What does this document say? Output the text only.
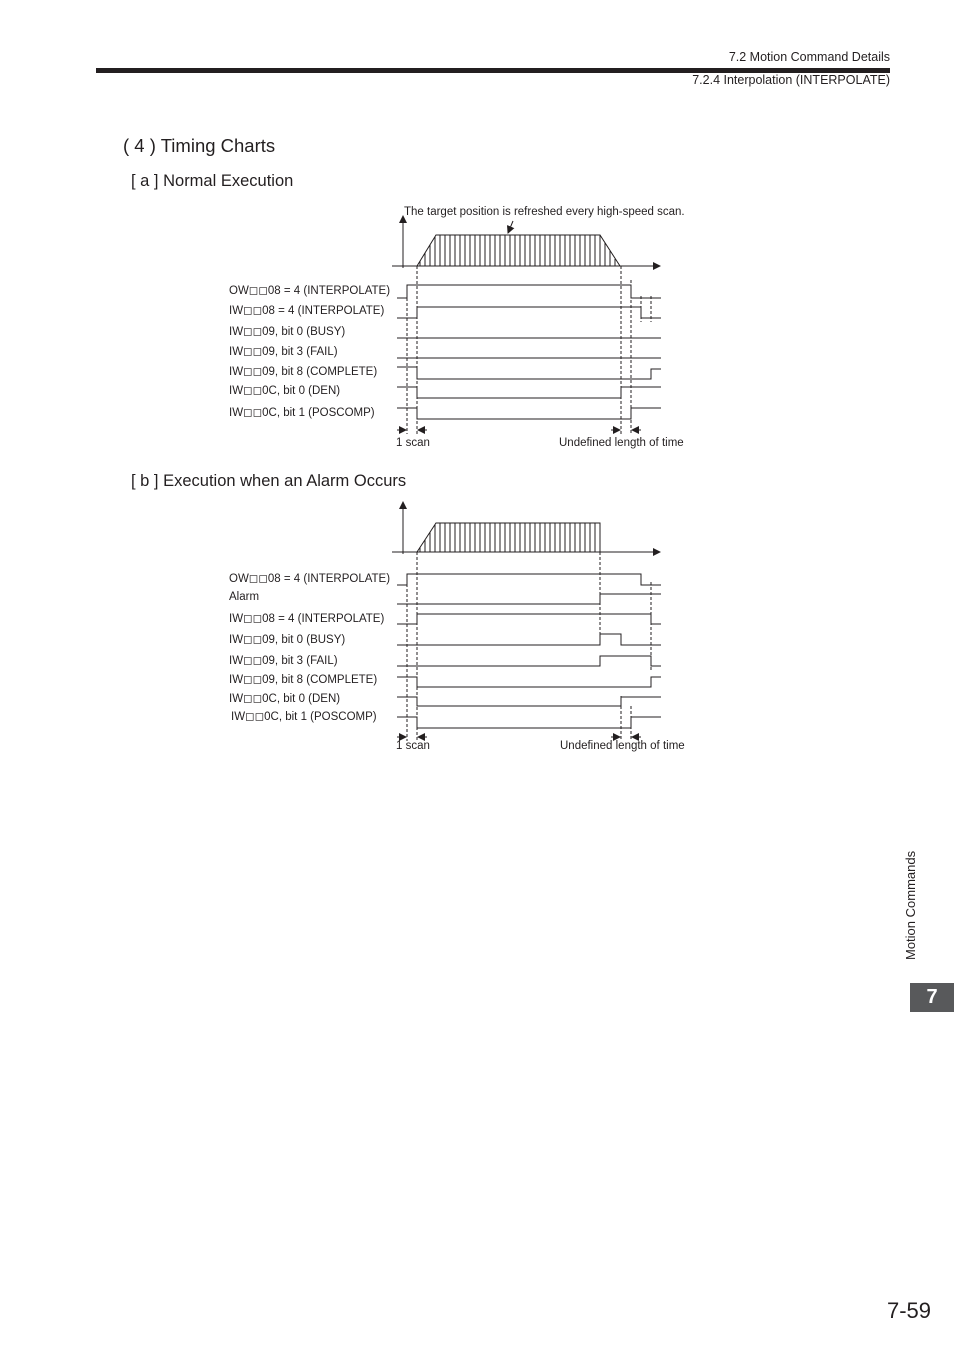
7.2 Motion Command Details
7.2.4 Interpolation (INTERPOLATE)
( 4 ) Timing Charts
[ a ] Normal Execution
[ b ] Execution when an Alarm Occurs
OW◻◻08 = 4 (INTERPOLATE)
IW◻◻08 = 4 (INTERPOLATE)
IW◻◻09, bit 0 (BUSY)
IW◻◻09, bit 3 (FAIL)
IW◻◻09, bit 8 (COMPLETE)
IW◻◻0C, bit 0 (DEN)
IW◻◻0C, bit 1 (POSCOMP)
OW◻◻08 = 4 (INTERPOLATE)
Alarm
IW◻◻08 = 4 (INTERPOLATE)
IW◻◻09, bit 0 (BUSY)
IW◻◻09, bit 3 (FAIL)
IW◻◻09, bit 8 (COMPLETE)
IW◻◻0C, bit 0 (DEN)
IW◻◻0C, bit 1 (POSCOMP)
The target position is refreshed every high-speed scan.
1 scan	Undefined length of time
1 scan	Undefined length of time
Motion Commands
7
7-59
